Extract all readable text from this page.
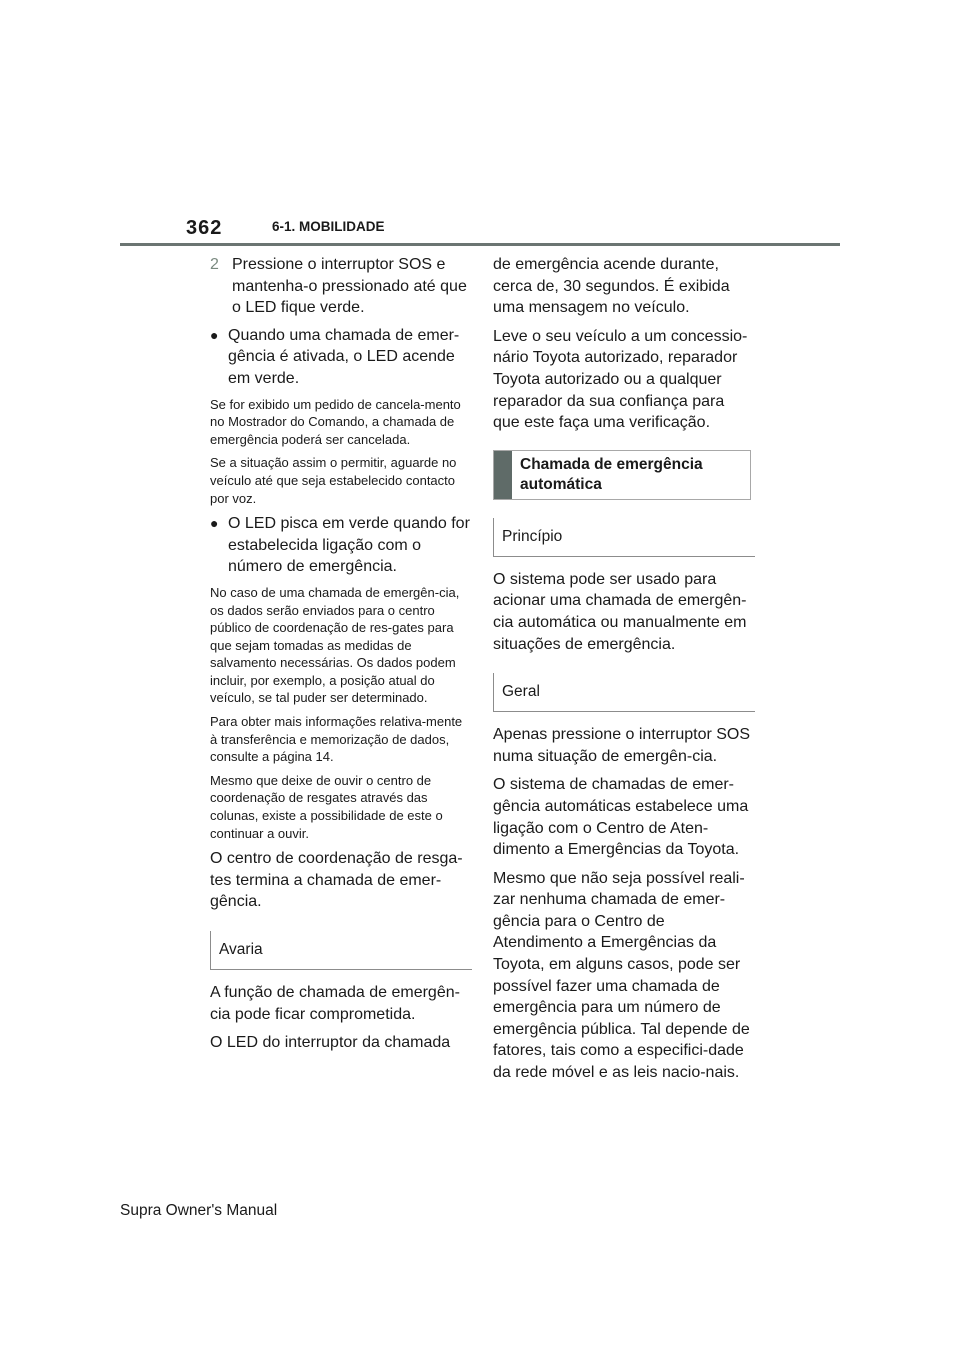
362	6-1. MOBILIDADE
2 Pressione o interruptor SOS e mantenha-o pressionado até que o LED fique verde.
● Quando uma chamada de emer-gência é ativada, o LED acende em verde.

Se for exibido um pedido de cancela-mento no Mostrador do Comando, a chamada de emergência poderá ser cancelada.

Se a situação assim o permitir, aguarde no veículo até que seja estabelecido contacto por voz.

● O LED pisca em verde quando for estabelecida ligação com o número de emergência.

No caso de uma chamada de emergên-cia, os dados serão enviados para o centro público de coordenação de res-gates para que sejam tomadas as medidas de salvamento necessárias. Os dados podem incluir, por exemplo, a posição atual do veículo, se tal puder ser determinado.

Para obter mais informações relativa-mente à transferência e memorização de dados, consulte a página 14.

Mesmo que deixe de ouvir o centro de coordenação de resgates através das colunas, existe a possibilidade de este o continuar a ouvir.

O centro de coordenação de resga-tes termina a chamada de emer-gência.

Avaria

A função de chamada de emergên-cia pode ficar comprometida.

O LED do interruptor da chamada

de emergência acende durante, cerca de, 30 segundos. É exibida uma mensagem no veículo.

Leve o seu veículo a um concessio-nário Toyota autorizado, reparador Toyota autorizado ou a qualquer reparador da sua confiança para que este faça uma verificação.

Chamada de emergência automática
Princípio

O sistema pode ser usado para acionar uma chamada de emergên-cia automática ou manualmente em situações de emergência.

Geral

Apenas pressione o interruptor SOS numa situação de emergên-cia.

O sistema de chamadas de emer-gência automáticas estabelece uma ligação com o Centro de Aten-dimento a Emergências da Toyota.

Mesmo que não seja possível reali-zar nenhuma chamada de emer-gência para o Centro de Atendimento a Emergências da Toyota, em alguns casos, pode ser possível fazer uma chamada de emergência para um número de emergência pública. Tal depende de fatores, tais como a especifici-dade da rede móvel e as leis nacio-nais.

Supra Owner's Manual
